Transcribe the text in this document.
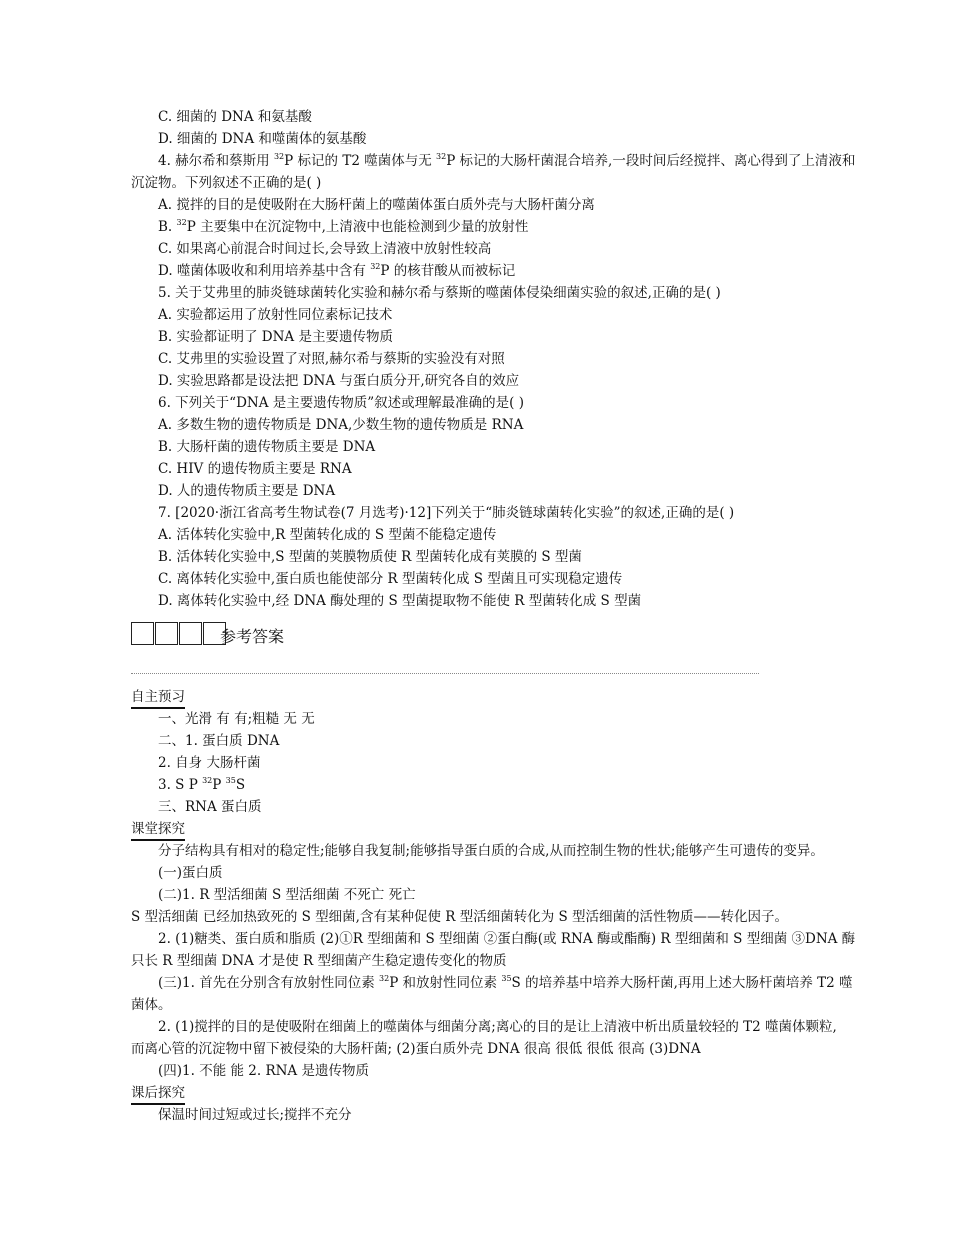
C. 细菌的 DNA 和氨基酸
D. 细菌的 DNA 和噬菌体的氨基酸
4. 赫尔希和蔡斯用 $^{32}$P 标记的 T2 噬菌体与无 $^{32}$P 标记的大肠杆菌混合培养,一段时间后经搅拌、离心得到了上清液和
沉淀物。下列叙述不正确的是( )
A. 搅拌的目的是使吸附在大肠杆菌上的噬菌体蛋白质外壳与大肠杆菌分离
B. $^{32}$P 主要集中在沉淀物中,上清液中也能检测到少量的放射性
C. 如果离心前混合时间过长,会导致上清液中放射性较高
D. 噬菌体吸收和利用培养基中含有 $^{32}$P 的核苷酸从而被标记
5. 关于艾弗里的肺炎链球菌转化实验和赫尔希与蔡斯的噬菌体侵染细菌实验的叙述,正确的是( )
A. 实验都运用了放射性同位素标记技术
B. 实验都证明了 DNA 是主要遗传物质
C. 艾弗里的实验设置了对照,赫尔希与蔡斯的实验没有对照
D. 实验思路都是设法把 DNA 与蛋白质分开,研究各自的效应
6. 下列关于“DNA 是主要遗传物质”叙述或理解最准确的是( )
A. 多数生物的遗传物质是 DNA,少数生物的遗传物质是 RNA
B. 大肠杆菌的遗传物质主要是 DNA
C. HIV 的遗传物质主要是 RNA
D. 人的遗传物质主要是 DNA
7. [2020·浙江省高考生物试卷(7 月选考)·12]下列关于“肺炎链球菌转化实验”的叙述,正确的是( )
A. 活体转化实验中,R 型菌转化成的 S 型菌不能稳定遗传
B. 活体转化实验中,S 型菌的荚膜物质使 R 型菌转化成有荚膜的 S 型菌
C. 离体转化实验中,蛋白质也能使部分 R 型菌转化成 S 型菌且可实现稳定遗传
D. 离体转化实验中,经 DNA 酶处理的 S 型菌提取物不能使 R 型菌转化成 S 型菌
参考答案
自主预习
一、光滑 有 有;粗糙 无 无
二、1. 蛋白质 DNA
2. 自身 大肠杆菌
3. S P $^{32}$P $^{35}$S
三、RNA 蛋白质
课堂探究
分子结构具有相对的稳定性;能够自我复制;能够指导蛋白质的合成,从而控制生物的性状;能够产生可遗传的变异。
(一)蛋白质
(二)1. R 型活细菌 S 型活细菌 不死亡 死亡
S 型活细菌 已经加热致死的 S 型细菌,含有某种促使 R 型活细菌转化为 S 型活细菌的活性物质——转化因子。
2. (1)糖类、蛋白质和脂质 (2)①R 型细菌和 S 型细菌 ②蛋白酶(或 RNA 酶或酯酶) R 型细菌和 S 型细菌 ③DNA 酶
只长 R 型细菌 DNA 才是使 R 型细菌产生稳定遗传变化的物质
(三)1. 首先在分别含有放射性同位素 $^{32}$P 和放射性同位素 $^{35}$S 的培养基中培养大肠杆菌,再用上述大肠杆菌培养 T2 噬
菌体。
2. (1)搅拌的目的是使吸附在细菌上的噬菌体与细菌分离;离心的目的是让上清液中析出质量较轻的 T2 噬菌体颗粒,
而离心管的沉淀物中留下被侵染的大肠杆菌; (2)蛋白质外壳 DNA 很高 很低 很低 很高 (3)DNA
(四)1. 不能 能 2. RNA 是遗传物质
课后探究
保温时间过短或过长;搅拌不充分
